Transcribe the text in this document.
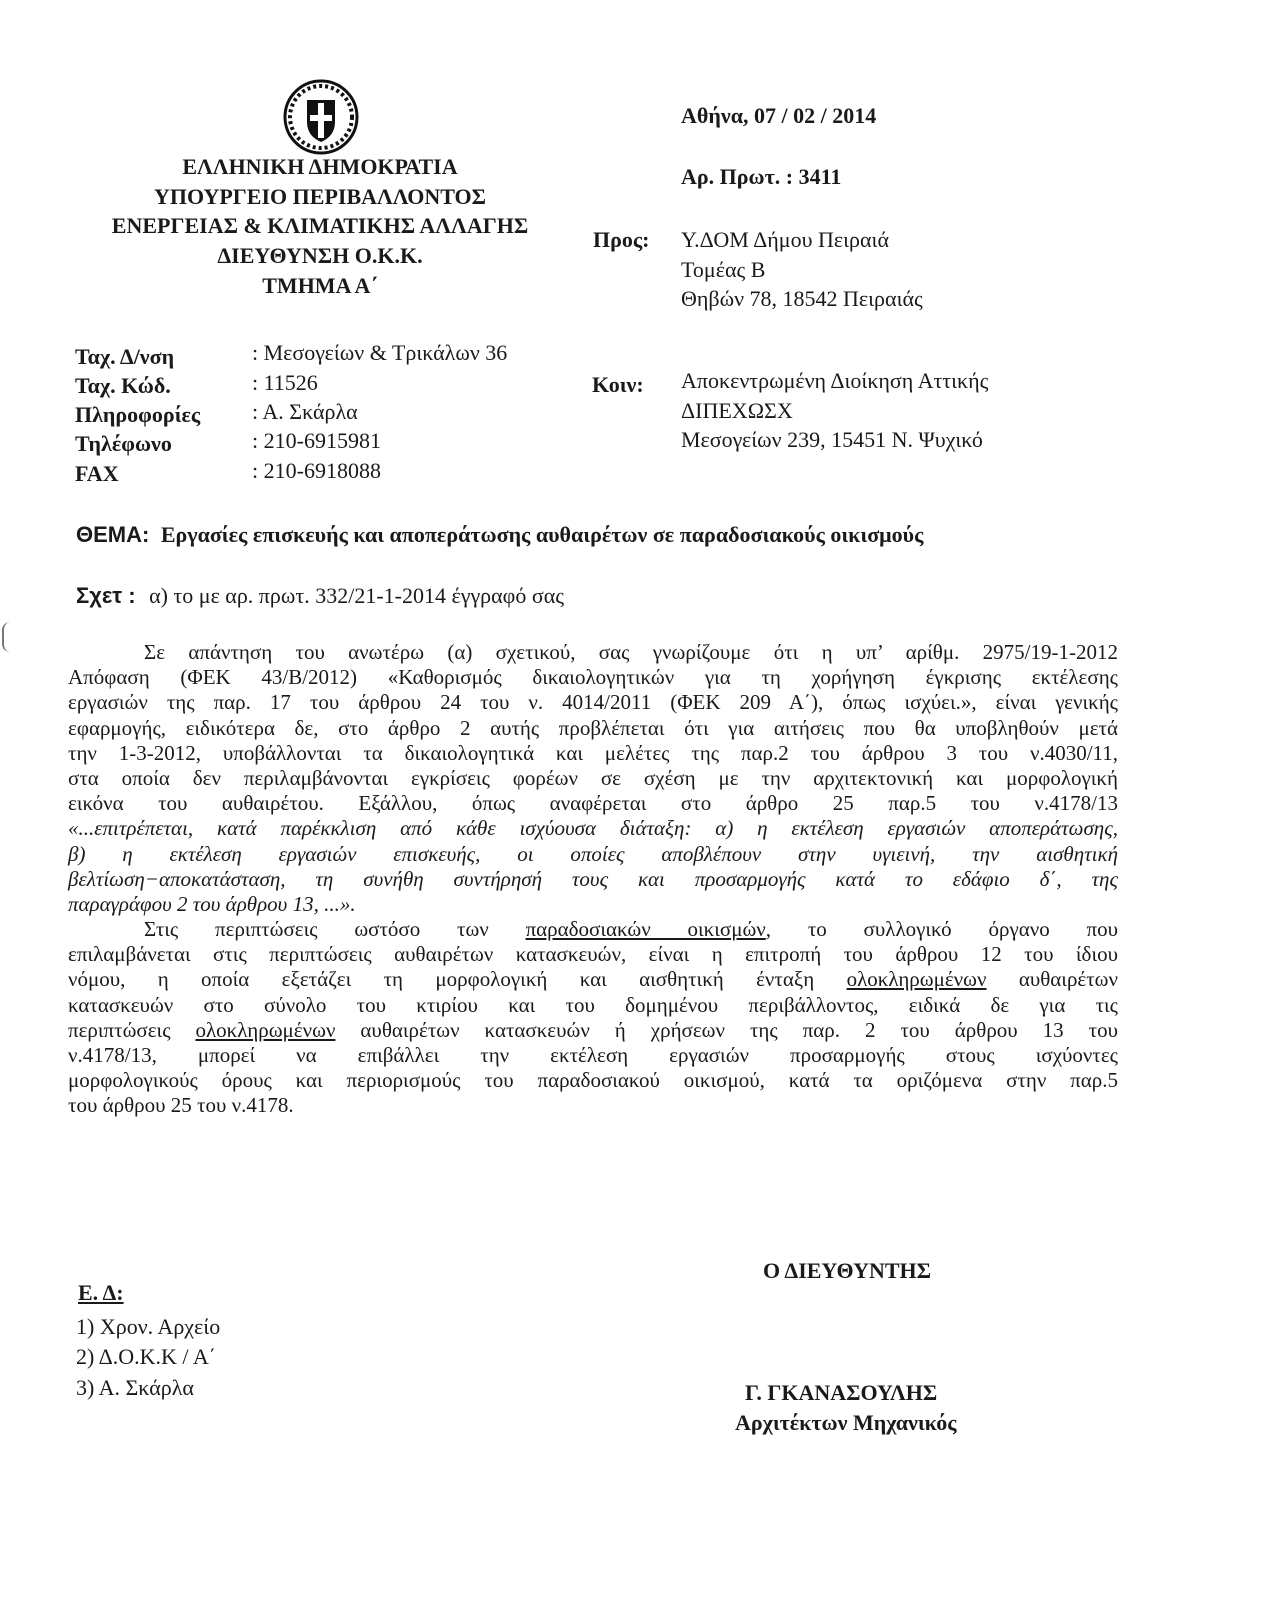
ΕΛΛΗΝΙΚΗ ΔΗΜΟΚΡΑΤΙΑ
ΥΠΟΥΡΓΕΙΟ ΠΕΡΙΒΑΛΛΟΝΤΟΣ
ΕΝΕΡΓΕΙΑΣ & ΚΛΙΜΑΤΙΚΗΣ ΑΛΛΑΓΗΣ
ΔΙΕΥΘΥΝΣΗ Ο.Κ.Κ.
ΤΜΗΜΑ Α΄
Αθήνα, 07 / 02 / 2014
Αρ. Πρωτ. : 3411
Προς: Υ.ΔΟΜ Δήμου Πειραιά
Τομέας Β
Θηβών 78, 18542 Πειραιάς
Ταχ. Δ/νση	: Μεσογείων & Τρικάλων 36
Ταχ. Κώδ.	: 11526
Πληροφορίες : Α. Σκάρλα
Τηλέφωνο	: 210-6915981
FAX	: 210-6918088
Κοιν: Αποκεντρωμένη Διοίκηση Αττικής
ΔΙΠΕΧΩΣΧ
Μεσογείων 239, 15451 Ν. Ψυχικό
ΘΕΜΑ: Εργασίες επισκευής και αποπεράτωσης αυθαιρέτων σε παραδοσιακούς οικισμούς
Σχετ : α) το με αρ. πρωτ. 332/21-1-2014 έγγραφό σας

Σε απάντηση του ανωτέρω (α) σχετικού, σας γνωρίζουμε ότι η υπ’ αρίθμ. 2975/19-1-2012

Απόφαση (ΦΕΚ 43/Β/2012) «Καθορισμός δικαιολογητικών για τη χορήγηση έγκρισης εκτέλεσης

εργασιών της παρ. 17 του άρθρου 24 του ν. 4014/2011 (ΦΕΚ 209 Α΄), όπως ισχύει.», είναι γενικής

εφαρμογής, ειδικότερα δε, στο άρθρο 2 αυτής προβλέπεται ότι για αιτήσεις που θα υποβληθούν μετά

την 1-3-2012, υποβάλλονται τα δικαιολογητικά και μελέτες της παρ.2 του άρθρου 3 του ν.4030/11,

στα οποία δεν περιλαμβάνονται εγκρίσεις φορέων σε σχέση με την αρχιτεκτονική και μορφολογική

εικόνα του αυθαιρέτου. Εξάλλου, όπως αναφέρεται στο άρθρο 25 παρ.5 του ν.4178/13

«...επιτρέπεται, κατά παρέκκλιση από κάθε ισχύουσα διάταξη: α) η εκτέλεση εργασιών αποπεράτωσης,

β) η εκτέλεση εργασιών επισκευής, οι οποίες αποβλέπουν στην υγιεινή, την αισθητική

βελτίωση−αποκατάσταση, τη συνήθη συντήρησή τους και προσαρμογής κατά το εδάφιο δ΄, της

παραγράφου 2 του άρθρου 13, ...».

Στις περιπτώσεις ωστόσο των παραδοσιακών οικισμών, το συλλογικό όργανο που

επιλαμβάνεται στις περιπτώσεις αυθαιρέτων κατασκευών, είναι η επιτροπή του άρθρου 12 του ίδιου

νόμου, η οποία εξετάζει τη μορφολογική και αισθητική ένταξη ολοκληρωμένων αυθαιρέτων

κατασκευών στο σύνολο του κτιρίου και του δομημένου περιβάλλοντος, ειδικά δε για τις

περιπτώσεις ολοκληρωμένων αυθαιρέτων κατασκευών ή χρήσεων της παρ. 2 του άρθρου 13 του

ν.4178/13, μπορεί να επιβάλλει την εκτέλεση εργασιών προσαρμογής στους ισχύοντες

μορφολογικούς όρους και περιορισμούς του παραδοσιακού οικισμού, κατά τα οριζόμενα στην παρ.5

του άρθρου 25 του ν.4178.

Ε. Δ:
1) Χρον. Αρχείο
2) Δ.Ο.Κ.Κ / Α΄
3) Α. Σκάρλα
Ο ΔΙΕΥΘΥΝΤΗΣ
Γ. ΓΚΑΝΑΣΟΥΛΗΣ
Αρχιτέκτων Μηχανικός
